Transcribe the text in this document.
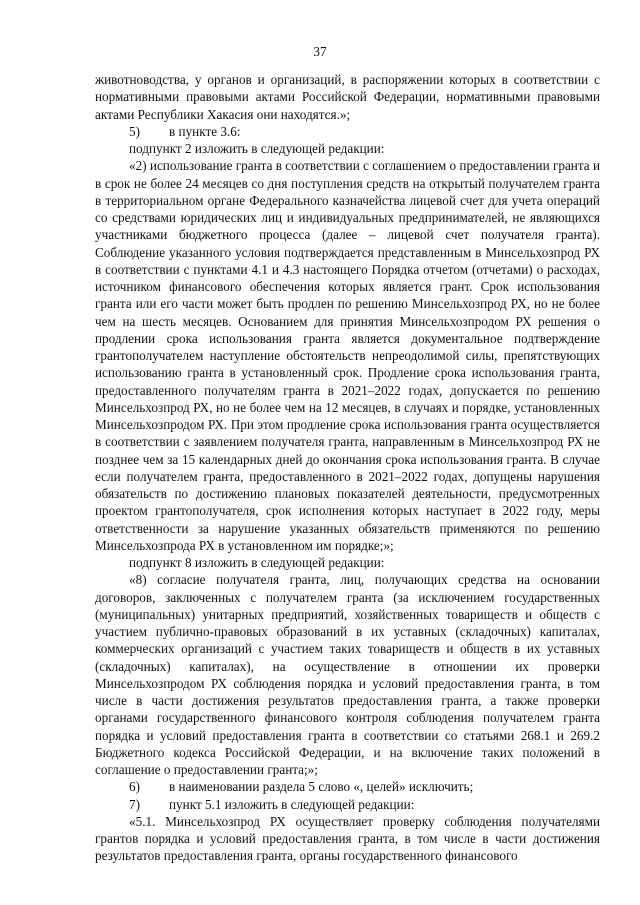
37

животноводства, у органов и организаций, в распоряжении которых в соответствии с нормативными правовыми актами Российской Федерации, нормативными правовыми актами Республики Хакасия они находятся.»;

5) в пункте 3.6:

подпункт 2 изложить в следующей редакции:

«2) использование гранта в соответствии с соглашением о предоставлении гранта и в срок не более 24 месяцев со дня поступления средств на открытый получателем гранта в территориальном органе Федерального казначейства лицевой счет для учета операций со средствами юридических лиц и индивидуальных предпринимателей, не являющихся участниками бюджетного процесса (далее – лицевой счет получателя гранта). Соблюдение указанного условия подтверждается представленным в Минсельхозпрод РХ в соответствии с пунктами 4.1 и 4.3 настоящего Порядка отчетом (отчетами) о расходах, источником финансового обеспечения которых является грант. Срок использования гранта или его части может быть продлен по решению Минсельхозпрод РХ, но не более чем на шесть месяцев. Основанием для принятия Минсельхозпродом РХ решения о продлении срока использования гранта является документальное подтверждение грантополучателем наступление обстоятельств непреодолимой силы, препятствующих использованию гранта в установленный срок. Продление срока использования гранта, предоставленного получателям гранта в 2021–2022 годах, допускается по решению Минсельхозпрод РХ, но не более чем на 12 месяцев, в случаях и порядке, установленных Минсельхозпродом РХ. При этом продление срока использования гранта осуществляется в соответствии с заявлением получателя гранта, направленным в Минсельхозпрод РХ не позднее чем за 15 календарных дней до окончания срока использования гранта. В случае если получателем гранта, предоставленного в 2021–2022 годах, допущены нарушения обязательств по достижению плановых показателей деятельности, предусмотренных проектом грантополучателя, срок исполнения которых наступает в 2022 году, меры ответственности за нарушение указанных обязательств применяются по решению Минсельхозпрода РХ в установленном им порядке;»;

подпункт 8 изложить в следующей редакции:

«8) согласие получателя гранта, лиц, получающих средства на основании договоров, заключенных с получателем гранта (за исключением государственных (муниципальных) унитарных предприятий, хозяйственных товариществ и обществ с участием публично-правовых образований в их уставных (складочных) капиталах, коммерческих организаций с участием таких товариществ и обществ в их уставных (складочных) капиталах), на осуществление в отношении их проверки Минсельхозпродом РХ соблюдения порядка и условий предоставления гранта, в том числе в части достижения результатов предоставления гранта, а также проверки органами государственного финансового контроля соблюдения получателем гранта порядка и условий предоставления гранта в соответствии со статьями 268.1 и 269.2 Бюджетного кодекса Российской Федерации, и на включение таких положений в соглашение о предоставлении гранта;»;

6) в наименовании раздела 5 слово «, целей» исключить;

7) пункт 5.1 изложить в следующей редакции:

«5.1. Минсельхозпрод РХ осуществляет проверку соблюдения получателями грантов порядка и условий предоставления гранта, в том числе в части достижения результатов предоставления гранта, органы государственного финансового
